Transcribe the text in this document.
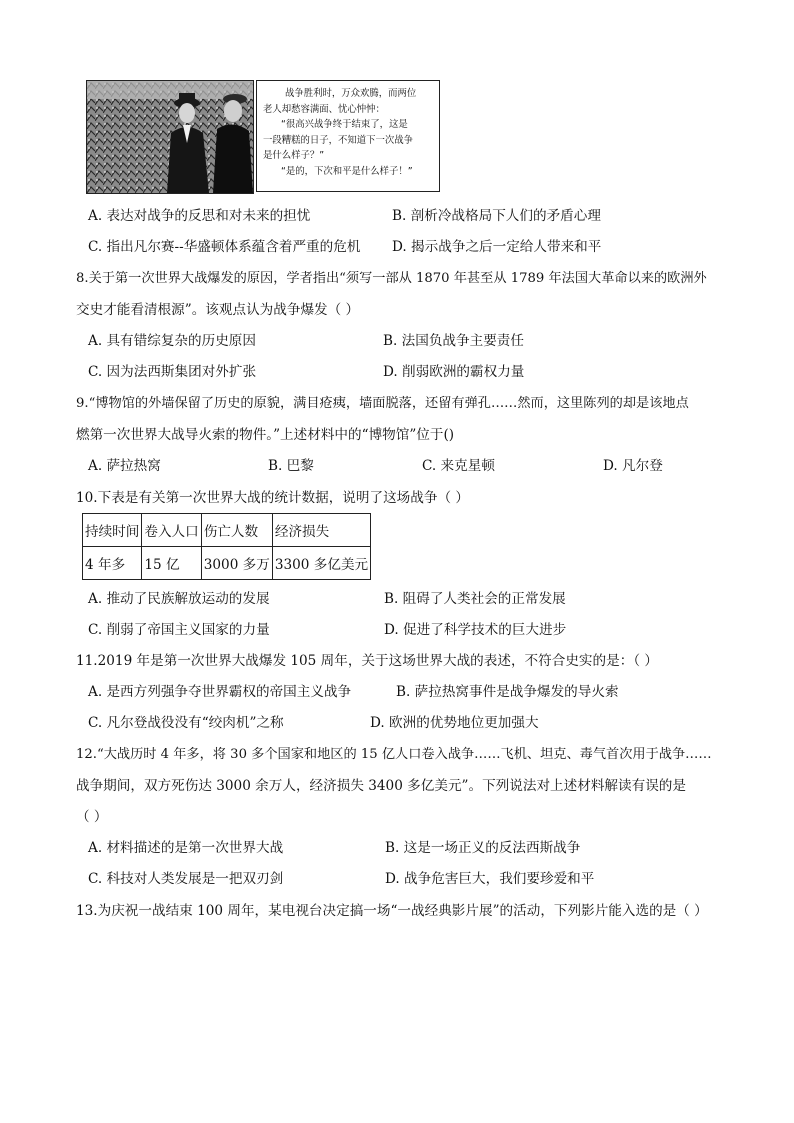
战争胜利时，万众欢腾，而两位
老人却愁容满面、忧心忡忡：
“很高兴战争终于结束了，这是
一段糟糕的日子，不知道下一次战争
是什么样子？”
“是的，下次和平是什么样子！”
A. 表达对战争的反思和对未来的担忧	B. 剖析冷战格局下人们的矛盾心理
C. 指出凡尔赛--华盛顿体系蕴含着严重的危机 D. 揭示战争之后一定给人带来和平
8.关于第一次世界大战爆发的原因，学者指出“须写一部从 1870 年甚至从 1789 年法国大革命以来的欧洲外
交史才能看清根源”。该观点认为战争爆发（ ）
A. 具有错综复杂的历史原因	B. 法国负战争主要责任
C. 因为法西斯集团对外扩张	D. 削弱欧洲的霸权力量
9.“博物馆的外墙保留了历史的原貌，满目疮痍，墙面脱落，还留有弹孔……然而，这里陈列的却是该地点
燃第一次世界大战导火索的物件。”上述材料中的“博物馆”位于()
A. 萨拉热窝	B. 巴黎	C. 来克星顿	D. 凡尔登
10.下表是有关第一次世界大战的统计数据，说明了这场战争（ ）
持续时间	卷入人口	伤亡人数	经济损失
4 年多	15 亿	3000 多万	3300 多亿美元
A. 推动了民族解放运动的发展	B. 阻碍了人类社会的正常发展
C. 削弱了帝国主义国家的力量	D. 促进了科学技术的巨大进步
11.2019 年是第一次世界大战爆发 105 周年，关于这场世界大战的表述，不符合史实的是：（ ）
A. 是西方列强争夺世界霸权的帝国主义战争	B. 萨拉热窝事件是战争爆发的导火索
C. 凡尔登战役没有“绞肉机”之称	D. 欧洲的优势地位更加强大
12.“大战历时 4 年多，将 30 多个国家和地区的 15 亿人口卷入战争……飞机、坦克、毒气首次用于战争……
战争期间，双方死伤达 3000 余万人，经济损失 3400 多亿美元”。下列说法对上述材料解读有误的是
（ ）
A. 材料描述的是第一次世界大战	B. 这是一场正义的反法西斯战争
C. 科技对人类发展是一把双刃剑	D. 战争危害巨大，我们要珍爱和平
13.为庆祝一战结束 100 周年，某电视台决定搞一场“一战经典影片展”的活动，下列影片能入选的是（ ）
